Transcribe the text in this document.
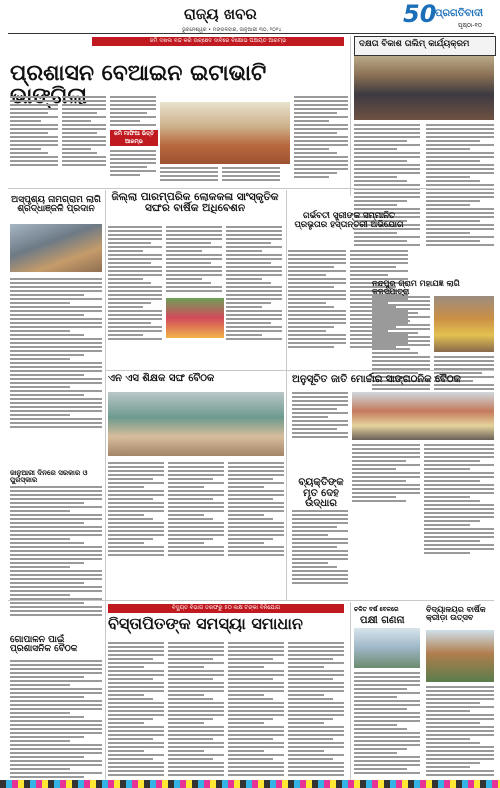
ରାଜ୍ୟ ଖବର
ଭୁବନେଶ୍ୱର • ମଙ୍ଗଳବାର, ଜାନୁଆରୀ ୩୦, ୨୦୨୪
50
ପ୍ରଗତିବାଦୀ
ପୃଷ୍ଠା-୧୦
ଜମି ଦଖଲ ବନ୍ଦ କରି ଉଚ୍ଛେଦ ଦାବିରେ ବିକ୍ଷୋଭ ପଞ୍ଚାୟତ ଆରମ୍ଭ
ପ୍ରଶାସନ ବେଆଇନ ଇଟାଭାଟି
ଦକ୍ଷତା ବିକାଶ ତାଲିମ୍ କାର୍ଯ୍ୟକ୍ରମ
ଜମି ମାଫିଆ ଭିତ୍ତି ଆରମ୍ଭ
ଅସ୍ପୃଶ୍ୟ ନାମଗ୍ରାମ ଲାଗି ଶ୍ରଦ୍ଧାଞ୍ଜଳି ପ୍ରଦାନ
ଜିଲ୍ଲା ପାରମ୍ପରିକ ଲୋକକଳା ସାଂସ୍କୃତିକ ସଙ୍ଘର ବାର୍ଷିକ ଅଧିବେଶନ
ଗର୍ଭବତୀ ସ୍ତ୍ରୀଙ୍କ ସମ୍ମାନିତ ପ୍ରଭୃତାର ହସ୍ତାନ୍ତରୀ ଅଭିଯୋଗ
ନନ୍ଦପୁର ଗ୍ରାମ ମହାଯଜ୍ଞ ଲାଗି କଳସଯାତ୍ରା
ଏନ ଏସ ଶିକ୍ଷକ ସଙ୍ଘ ବୈଠକ	ଅନୁସୂଚିତ ଜାତି ମୋର୍ଚ୍ଚାର ସାଙ୍ଗଠନିକ ବୈଠକ
ବ୍ୟକ୍ତିଙ୍କ ମୃତ ଦେହ ଉଦ୍ଧାର
ଜାନୁଆରୀ ଦିନରେ ସରକାର ଓ ପୁରସ୍କାର
ବିଦ୍ୟୁତ ବିଭାଗ ତରଫରୁ ୫୦ ଲକ୍ଷ ଟଙ୍କା ବିନିଯୋଗ
ବିସ୍ତାପିତଙ୍କ ସମସ୍ୟା ସମାଧାନ
ଗୋପାଳନ ପାଇଁ ପ୍ରଶାସନିକ ବୈଠକ
ଚଳିତ ବର୍ଷ ବେଳରେ
ପକ୍ଷୀ ଗଣନା
ବିଦ୍ୟାଳୟର ବାର୍ଷିକ କ୍ରୀଡ଼ା ଉତ୍ସବ
